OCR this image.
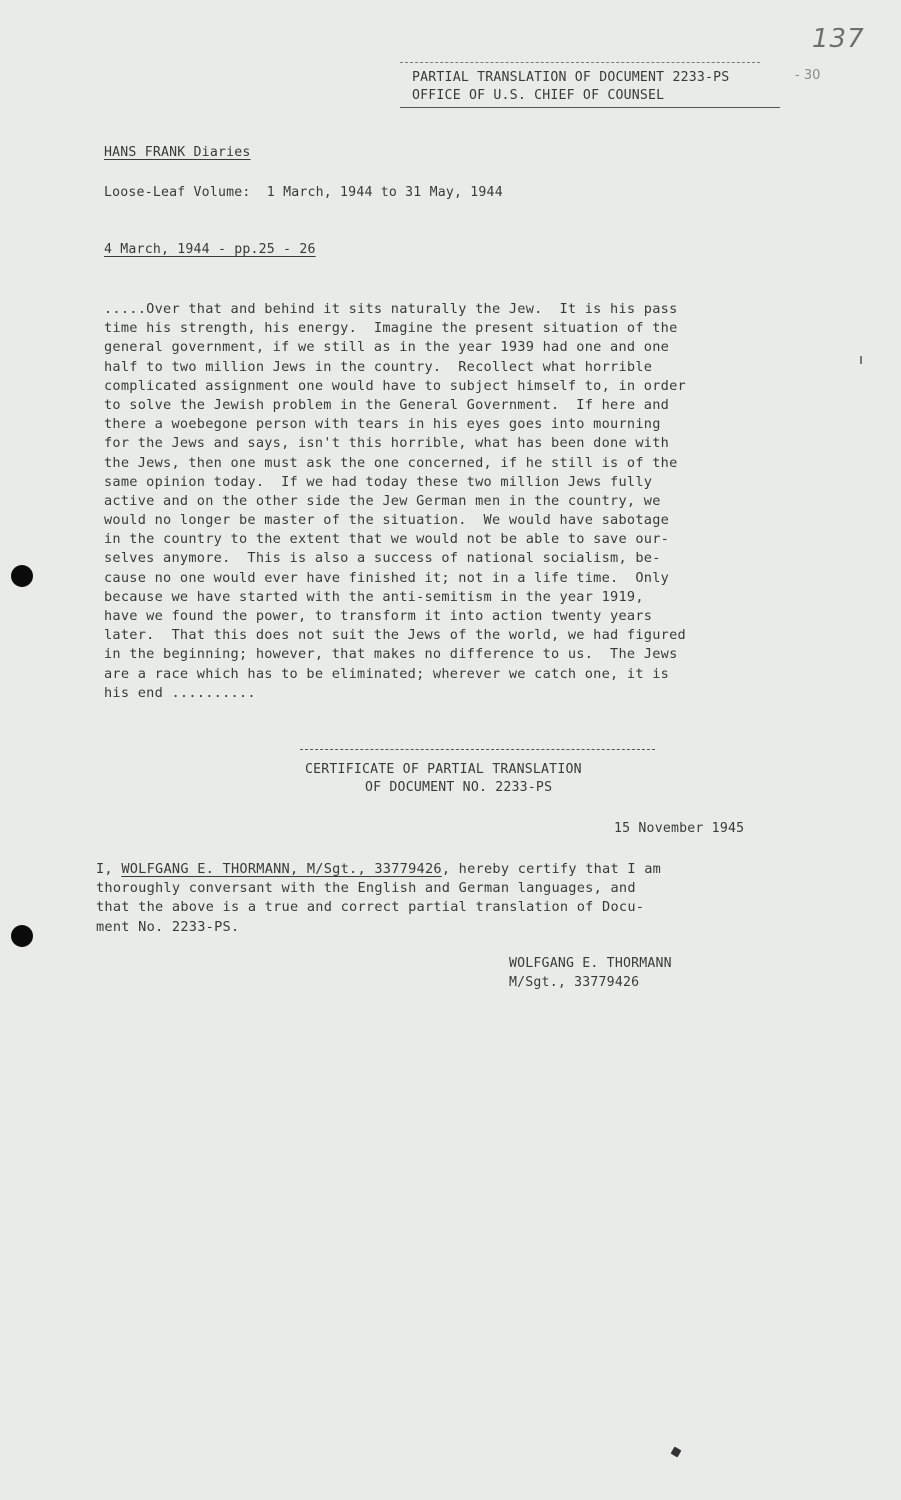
137
PARTIAL TRANSLATION OF DOCUMENT 2233-PS	- 30
OFFICE OF U.S. CHIEF OF COUNSEL
HANS FRANK Diaries
Loose-Leaf Volume:  1 March, 1944 to 31 May, 1944
4 March, 1944 - pp.25 - 26
.....Over that and behind it sits naturally the Jew.  It is his pass
time his strength, his energy.  Imagine the present situation of the
general government, if we still as in the year 1939 had one and one
half to two million Jews in the country.  Recollect what horrible
complicated assignment one would have to subject himself to, in order
to solve the Jewish problem in the General Government.  If here and
there a woebegone person with tears in his eyes goes into mourning
for the Jews and says, isn't this horrible, what has been done with
the Jews, then one must ask the one concerned, if he still is of the
same opinion today.  If we had today these two million Jews fully
active and on the other side the Jew German men in the country, we
would no longer be master of the situation.  We would have sabotage
in the country to the extent that we would not be able to save our-
selves anymore.  This is also a success of national socialism, be-
cause no one would ever have finished it; not in a life time.  Only
because we have started with the anti-semitism in the year 1919,
have we found the power, to transform it into action twenty years
later.  That this does not suit the Jews of the world, we had figured
in the beginning; however, that makes no difference to us.  The Jews
are a race which has to be eliminated; wherever we catch one, it is
his end ..........
CERTIFICATE OF PARTIAL TRANSLATION
OF DOCUMENT NO. 2233-PS
15 November 1945
I, WOLFGANG E. THORMANN, M/Sgt., 33779426, hereby certify that I am
thoroughly conversant with the English and German languages, and
that the above is a true and correct partial translation of Docu-
ment No. 2233-PS.
WOLFGANG E. THORMANN
M/Sgt., 33779426
